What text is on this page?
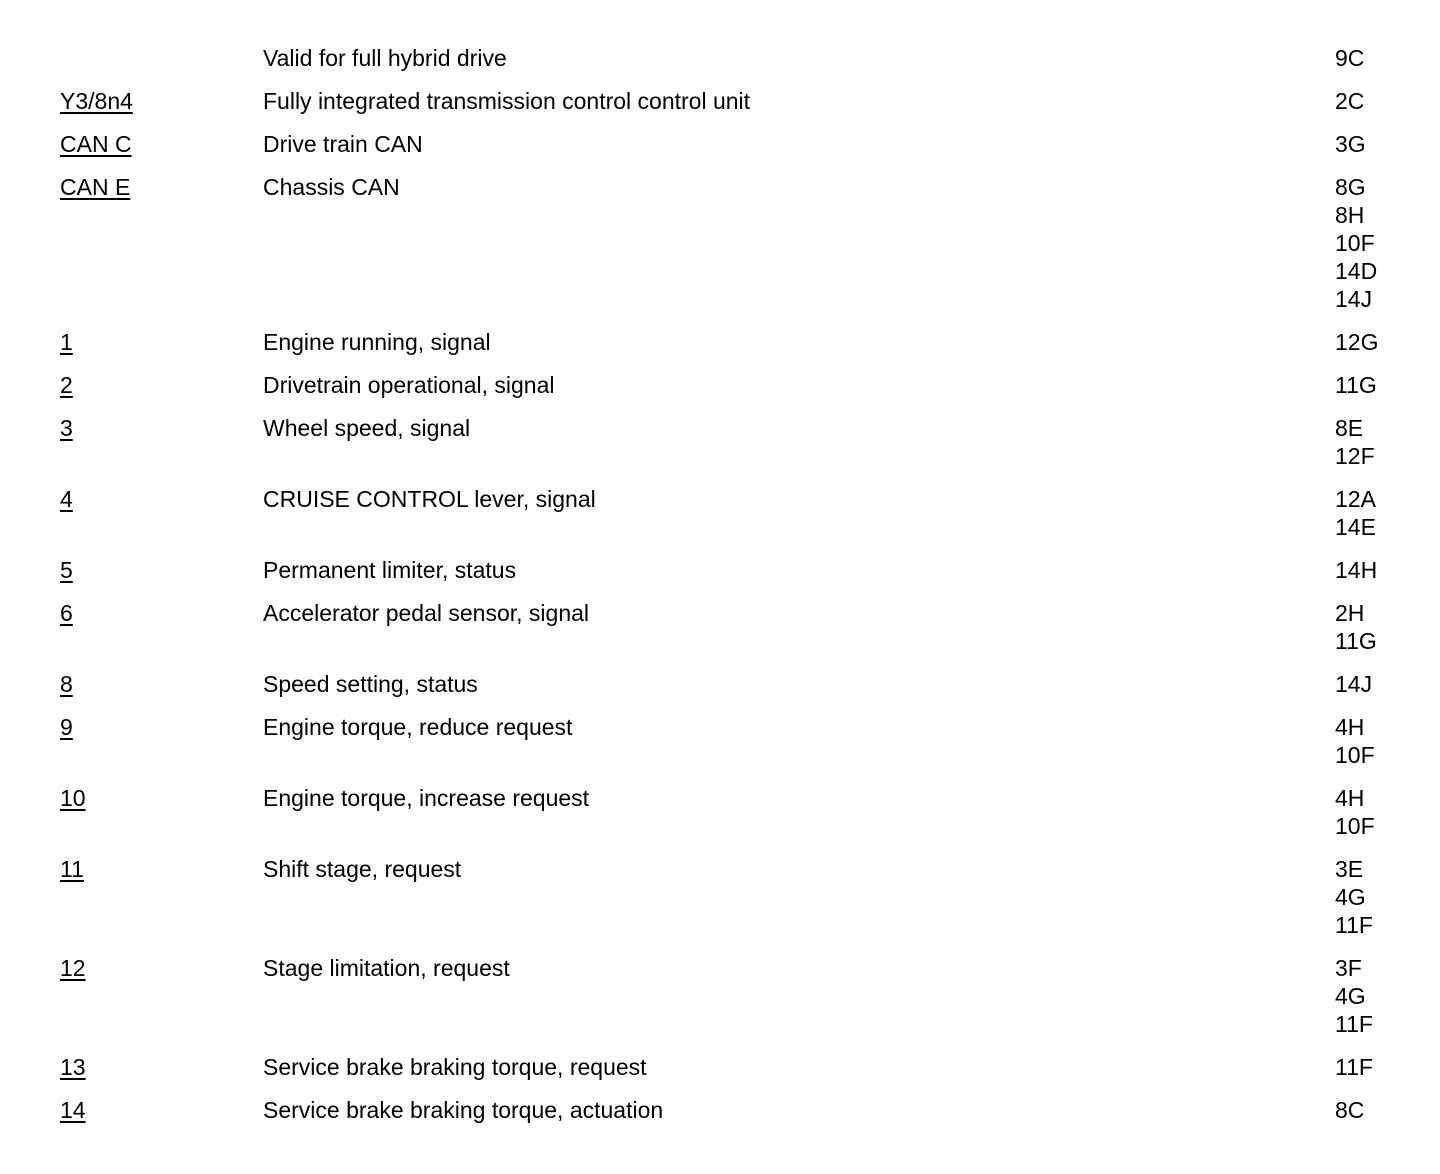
Valid for full hybrid drive	9C
Y3/8n4	Fully integrated transmission control control unit	2C
CAN C	Drive train CAN	3G
CAN E	Chassis CAN	8G
8H
10F
14D
14J
1	Engine running, signal	12G
2	Drivetrain operational, signal	11G
3	Wheel speed, signal	8E
12F
4	CRUISE CONTROL lever, signal	12A
14E
5	Permanent limiter, status	14H
6	Accelerator pedal sensor, signal	2H
11G
8	Speed setting, status	14J
9	Engine torque, reduce request	4H
10F
10	Engine torque, increase request	4H
10F
11	Shift stage, request	3E
4G
11F
12	Stage limitation, request	3F
4G
11F
13	Service brake braking torque, request	11F
14	Service brake braking torque, actuation	8C
